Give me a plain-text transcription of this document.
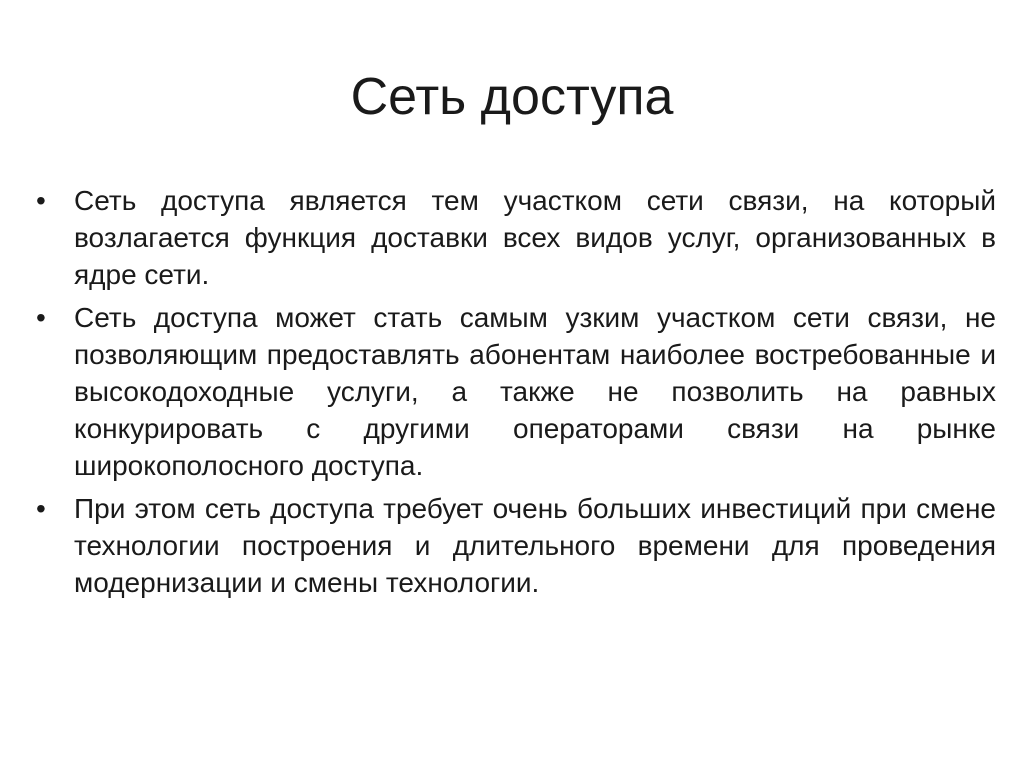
Сеть доступа
•	Сеть доступа является тем участком сети связи, на который возлагается функция доставки всех видов услуг, организованных в ядре сети.
•	Сеть доступа может стать самым узким участком сети связи, не позволяющим предоставлять абонентам наиболее востребованные и высокодоходные услуги, а также не позволить на равных конкурировать с другими операторами связи на рынке широкополосного доступа.
•	При этом сеть доступа требует очень больших инвестиций при смене технологии построения и длительного времени для проведения модернизации и смены технологии.
